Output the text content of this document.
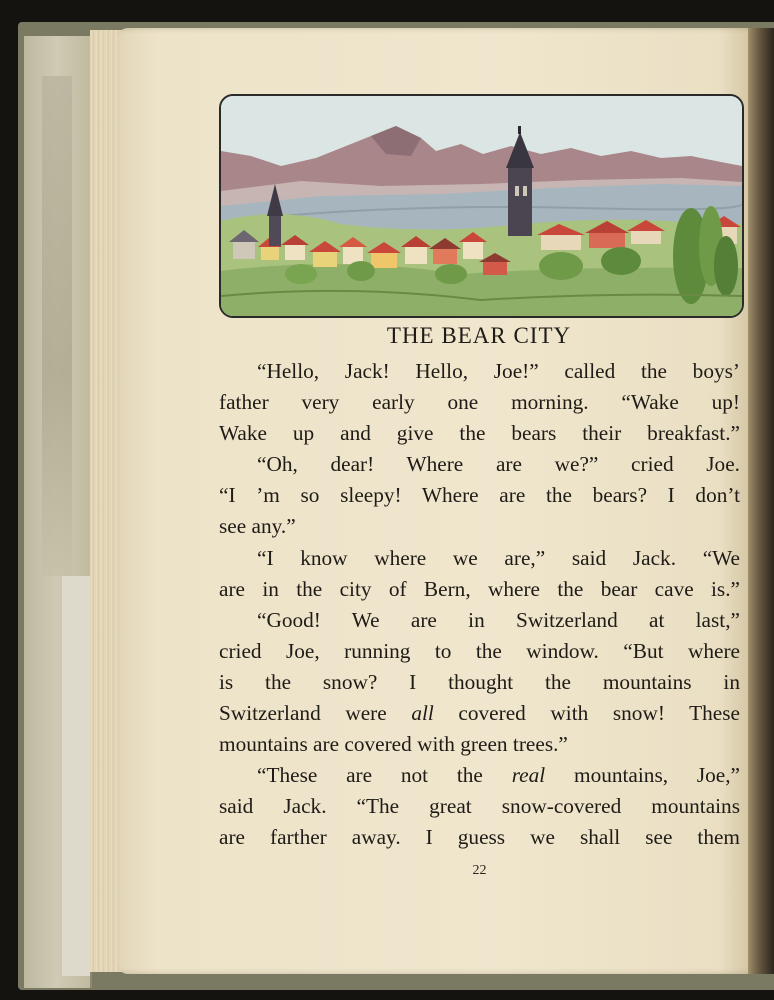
THE BEAR CITY
“Hello, Jack! Hello, Joe!” called the boys’
father very early one morning. “Wake up!
Wake up and give the bears their breakfast.”
“Oh, dear! Where are we?” cried Joe.
“I ’m so sleepy! Where are the bears? I don’t
see any.”
“I know where we are,” said Jack. “We
are in the city of Bern, where the bear cave is.”
“Good! We are in Switzerland at last,”
cried Joe, running to the window. “But where
is the snow? I thought the mountains in
Switzerland were all covered with snow! These
mountains are covered with green trees.”
“These are not the real mountains, Joe,”
said Jack. “The great snow-covered mountains
are farther away. I guess we shall see them
22
